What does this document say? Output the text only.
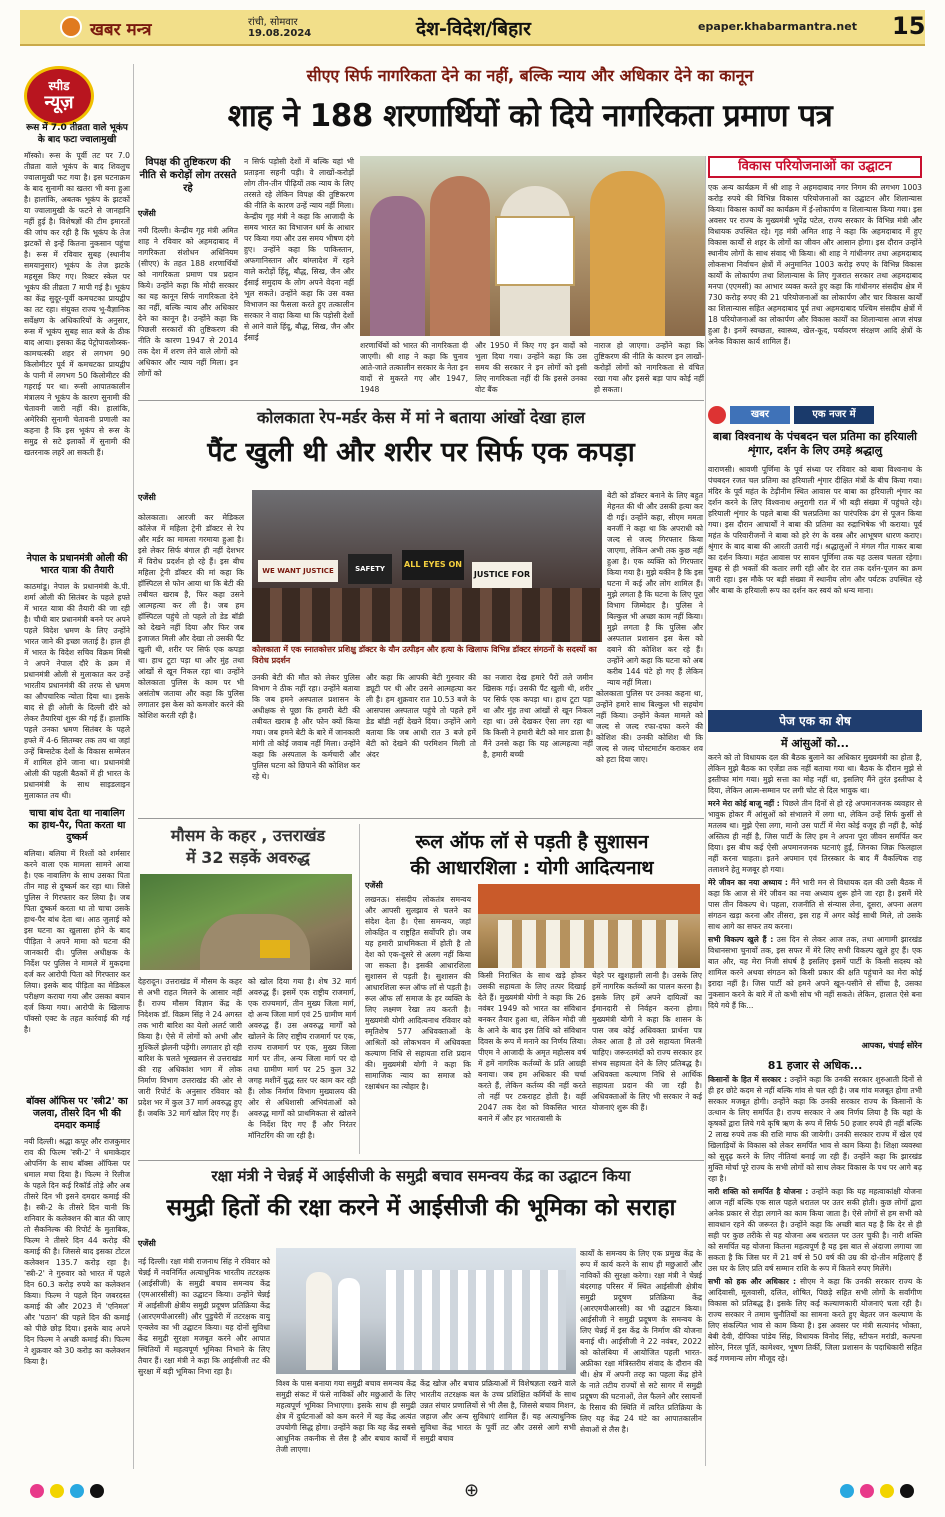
खबर मन्त्र	रांची, सोमवार
19.08.2024	देश-विदेश/बिहार	epaper.khabarmantra.net 15
स्पीड
न्यूज़
रूस में 7.0 तीव्रता वाले भूकंप के बाद फटा ज्वालामुखी
मॉस्को। रूस के पूर्वी तट पर 7.0 तीव्रता वाले भूकंप के बाद शिवलुच ज्वालामुखी फट गया है। इस घटनाक्रम के बाद सुनामी का खतरा भी बना हुआ है। हालांकि, अबतक भूकंप के झटकों या ज्वालामुखी के फटने से जानहानि नहीं हुई है। विशेषज्ञों की टीम इमारतों की जांच कर रही है कि भूकंप के तेज झटकों से इन्हें कितना नुकसान पहुंचा है। रूस में रविवार सुबह (स्थानीय समयानुसार) भूकंप के तेज झटके महसूस किए गए। रिक्टर स्केल पर भूकंप की तीव्रता 7 मापी गई है। भूकंप का केंद्र सुदूर-पूर्वी कमचटका प्रायद्वीप का तट रहा। संयुक्त राज्य भू-वैज्ञानिक सर्वेक्षण के अधिकारियों के अनुसार, रूस में भूकंप सुबह सात बजे के ठीक बाद आया। इसका केंद्र पेट्रोपावलोव्स्क-कामचत्स्की शहर से लगभग 90 किलोमीटर पूर्व में कमचटका प्रायद्वीप के पानी में लगभग 50 किलोमीटर की गहराई पर था। रूसी आपातकालीन मंत्रालय ने भूकंप के कारण सुनामी की चेतावनी जारी नहीं की। हालांकि, अमेरिकी सुनामी चेतावनी प्रणाली का कहना है कि इस भूकंप से रूस के समुद्र से सटे इलाकों में सुनामी की खतरनाक लहरें आ सकती हैं।
नेपाल के प्रधानमंत्री ओली की भारत यात्रा की तैयारी
काठमांडू। नेपाल के प्रधानमंत्री के.पी. शर्मा ओली की सितंबर के पहले हफ्ते में भारत यात्रा की तैयारी की जा रही है। चौथी बार प्रधानमंत्री बनने पर अपने पहले विदेश भ्रमण के लिए उन्होंने भारत जाने की इच्छा जताई है। हाल ही में भारत के विदेश सचिव विक्रम मिस्री ने अपने नेपाल दौरे के क्रम में प्रधानमंत्री ओली से मुलाकात कर उन्हें भारतीय प्रधानमंत्री की तरफ से भ्रमण का औपचारिक न्योता दिया था। इसके बाद से ही ओली के दिल्ली दौरे को लेकर तैयारियां शुरू की गई हैं। हालांकि पहले उनका भ्रमण सितंबर के पहले हफ्ते में 4-6 सितम्बर तक तय था जहां उन्हें बिम्सटेक देशों के विकास सम्मेलन में शामिल होने जाना था। प्रधानमंत्री ओली की पहली बैठकों में ही भारत के प्रधानमंत्री के साथ साइडलाइन मुलाकात तय थी।
चाचा बांध देता था नाबालिग का हाथ-पैर, पिता करता था दुष्कर्म
बलिया। बलिया में रिश्तों को शर्मसार करने वाला एक मामला सामने आया है। एक नाबालिग के साथ उसका पिता तीन माह से दुष्कर्म कर रहा था। जिसे पुलिस ने गिरफ्तार कर लिया है। जब पिता दुष्कर्म करता था तो चाचा उसके हाथ-पैर बांध देता था। आठ जुलाई को इस घटना का खुलासा होने के बाद पीड़िता ने अपने मामा को घटना की जानकारी दी। पुलिस अधीक्षक के निर्देश पर पुलिस ने मामले में मुकदमा दर्ज कर आरोपी पिता को गिरफ्तार कर लिया। इसके बाद पीड़िता का मेडिकल परीक्षण कराया गया और उसका बयान दर्ज किया गया। आरोपी के खिलाफ पॉक्सो एक्ट के तहत कार्रवाई की गई है।
बॉक्स ऑफिस पर 'स्त्री2' का जलवा, तीसरे दिन भी की दमदार कमाई
नयी दिल्ली। श्रद्धा कपूर और राजकुमार राव की फिल्म 'स्त्री-2' ने धमाकेदार ओपनिंग के साथ बॉक्स ऑफिस पर धमाल मचा दिया है। फिल्म ने रिलीज के पहले दिन कई रिकॉर्ड तोड़े और अब तीसरे दिन भी इसने दमदार कमाई की है। स्त्री-2 के तीसरे दिन यानी कि शनिवार के कलेक्शन की बात की जाए तो सैकनिल्क की रिपोर्ट के मुताबिक, फिल्म ने तीसरे दिन 44 करोड़ की कमाई की है। जिससे बाद इसका टोटल कलेक्शन 135.7 करोड़ रहा है। 'स्त्री-2' ने गुरुवार को भारत में पहले दिन 60.3 करोड़ रुपये का कलेक्शन किया। फिल्म ने पहले दिन जबरदस्त कमाई की और 2023 में 'एनिमल' और 'पठान' की पहले दिन की कमाई को पीछे छोड़ दिया। इसके बाद अपने दिन फिल्म ने अच्छी कमाई की। फिल्म ने शुक्रवार को 30 करोड़ का कलेक्शन किया है।
सीएए सिर्फ नागरिकता देने का नहीं, बल्कि न्याय और अधिकार देने का कानून
शाह ने 188 शरणार्थियों को दिये नागरिकता प्रमाण पत्र
विपक्ष की तुष्टिकरण की नीति से करोड़ों लोग तरसते रहे
एजेंसी
नयी दिल्ली। केन्द्रीय गृह मंत्री अमित शाह ने रविवार को अहमदाबाद में नागरिकता संशोधन अधिनियम (सीएए) के तहत 188 शरणार्थियों को नागरिकता प्रमाण पत्र प्रदान किये। उन्होंने कहा कि मोदी सरकार का यह कानून सिर्फ नागरिकता देने का नहीं, बल्कि न्याय और अधिकार देने का कानून है। उन्होंने कहा कि पिछली सरकारों की तुष्टिकरण की नीति के कारण 1947 से 2014 तक देश में शरण लेने वाले लोगों को अधिकार और न्याय नहीं मिला। इन लोगों को
न सिर्फ पड़ोसी देशों में बल्कि यहां भी प्रताड़ना सहनी पड़ी। वे लाखों-करोड़ों लोग तीन-तीन पीढ़ियों तक न्याय के लिए तरसते रहे लेकिन विपक्ष की तुष्टिकरण की नीति के कारण उन्हें न्याय नहीं मिला। केन्द्रीय गृह मंत्री ने कहा कि आजादी के समय भारत का विभाजन धर्म के आधार पर किया गया और उस समय भीषण दंगे हुए। उन्होंने कहा कि पाकिस्तान, अफगानिस्तान और बांग्लादेश में रहने वाले करोड़ों हिंदू, बौद्ध, सिख, जैन और ईसाई समुदाय के लोग अपने वेदना नहीं भूल सकते। उन्होंने कहा कि उस वक्त विभाजन का फैसला करते हुए तत्कालीन सरकार ने वादा किया था कि पड़ोसी देशों से आने वाले हिंदू, बौद्ध, सिख, जैन और ईसाई
शरणार्थियों को भारत की नागरिकता दी जाएगी। श्री शाह ने कहा कि चुनाव आते-जाते तत्कालीन सरकार के नेता इन वादों से मुकरते गए और 1947, 1948
और 1950 में किए गए इन वादों को भुला दिया गया। उन्होंने कहा कि उस समय की सरकार ने इन लोगों को इसी लिए नागरिकता नहीं दी कि इससे उनका वोट बैंक
नाराज हो जाएगा। उन्होंने कहा कि तुष्टिकरण की नीति के कारण इन लाखों-करोड़ों लोगों को नागरिकता से वंचित रखा गया और इससे बड़ा पाप कोई नहीं हो सकता।
विकास परियोजनाओं का उद्घाटन
एक अन्य कार्यक्रम में श्री शाह ने अहमदाबाद नगर निगम की लगभग 1003 करोड़ रुपये की विभिन्न विकास परियोजनाओं का उद्घाटन और शिलान्यास किया। विकास कार्यों का कार्यक्रम में ई-लोकार्पण व शिलान्यास किया गया। इस अवसर पर राज्य के मुख्यमंत्री भूपेंद्र पटेल, राज्य सरकार के विभिन्न मंत्री और विधायक उपस्थित रहे। गृह मंत्री अमित शाह ने कहा कि अहमदाबाद में हुए विकास कार्यों से शहर के लोगों का जीवन और आसान होगा। इस दौरान उन्होंने स्थानीय लोगों के साथ संवाद भी किया। श्री शाह ने गांधीनगर तथा अहमदाबाद लोकसभा निर्वाचन क्षेत्रों में अनुमानित 1003 करोड़ रुपए के विभिन्न विकास कार्यों के लोकार्पण तथा शिलान्यास के लिए गुजरात सरकार तथा अहमदाबाद मनपा (एएमसी) का आभार व्यक्त करते हुए कहा कि गांधीनगर संसदीय क्षेत्र में 730 करोड़ रुपए की 21 परियोजनाओं का लोकार्पण और चार विकास कार्यों का शिलान्यास सहित अहमदाबाद पूर्व तथा अहमदाबाद पश्चिम संसदीय क्षेत्रों में 18 परियोजनाओं का लोकार्पण और विकास कार्यों का शिलान्यास आज संपन्न हुआ है। इनमें स्वच्छता, स्वास्थ्य, खेल-कूद, पर्यावरण संरक्षण आदि क्षेत्रों के अनेक विकास कार्य शामिल हैं।
खबर	एक नजर में
बाबा विश्वनाथ के पंचबदन चल प्रतिमा का हरियाली शृंगार, दर्शन के लिए उमड़े श्रद्धालु
वाराणसी। श्रावणी पूर्णिमा के पूर्व संध्या पर रविवार को बाबा विश्वनाथ के पंचबदन रजत चल प्रतिमा का हरियाली शृंगार दीक्षित मंत्रों के बीच किया गया। मंदिर के पूर्व महंत के टेढ़ीनीम स्थित आवास पर बाबा का हरियाली शृंगार का दर्शन करने के लिए विश्वनाथ अनुरागी रात में भी बड़ी संख्या में पहुंचते रहे। हरियाली शृंगार के पहले बाबा की चलप्रतिमा का पारंपरिक ढंग से पूजन किया गया। इस दौरान आचार्यों ने बाबा की प्रतिमा का रुद्राभिषेक भी कराया। पूर्व महंत के परिवारीजनों ने बाबा को हरे रंग के वस्त्र और आभूषण धारण कराए। श्रृंगार के बाद बाबा की आरती उतारी गई। श्रद्धालुओं ने मंगल गीत गाकर बाबा का दर्शन किया। महंत आवास पर सावन पूर्णिमा तक यह उत्सव चलता रहेगा। सुबह से ही भक्तों की कतार लगी रही और देर रात तक दर्शन-पूजन का क्रम जारी रहा। इस मौके पर बड़ी संख्या में स्थानीय लोग और पर्यटक उपस्थित रहे और बाबा के हरियाली रूप का दर्शन कर स्वयं को धन्य माना।
कोलकाता रेप-मर्डर केस में मां ने बताया आंखों देखा हाल
पैंट खुली थी और शरीर पर सिर्फ एक कपड़ा
एजेंसी
कोलकाता। आरजी कर मेडिकल कॉलेज में महिला ट्रेनी डॉक्टर से रेप और मर्डर का मामला गरमाया हुआ है। इसे लेकर सिर्फ बंगाल ही नहीं देशभर में विरोध प्रदर्शन हो रहे हैं। इस बीच महिला ट्रेनी डॉक्टर की मां कहा कि हॉस्पिटल से फोन आया था कि बेटी की तबीयत खराब है, फिर कहा उसने आत्महत्या कर ली है। जब हम हॉस्पिटल पहुंचे तो पहले तो डेड बॉडी को देखने नहीं दिया और फिर जब इजाजत मिली और देखा तो उसकी पैंट खुली थी, शरीर पर सिर्फ एक कपड़ा था। हाथ टूटा पड़ा था और मुंह तथा आंखों से खून निकल रहा था। उन्होंने कोलकाता पुलिस के काम पर भी असंतोष जताया और कहा कि पुलिस लगातार इस केस को कमजोर करने की कोशिश करती रही है।
ALL EYES ON
JUSTICE FOR
WE WANT JUSTICE	SAFETY
कोलकाता में एक स्नातकोत्तर प्रशिक्षु डॉक्टर के यौन उत्पीड़न और हत्या के खिलाफ विभिन्न डॉक्टर संगठनों के सदस्यों का विरोध प्रदर्शन
उनकी बेटी की मौत को लेकर पुलिस विभाग ने ठीक नहीं रहा। उन्होंने बताया कि जब हमने अस्पताल प्रशासन के अधीक्षक से पूछा कि हमारी बेटी की तबीयत खराब है और फोन क्यों किया गया। जब हमने बेटी के बारे में जानकारी मांगी तो कोई जवाब नहीं मिला। उन्होंने कहा कि अस्पताल के कर्मचारी और पुलिस घटना को छिपाने की कोशिश कर रहे थे।
और कहा कि आपकी बेटी गुरुवार की ड्यूटी पर थी और उसने आत्महत्या कर ली है। हम शुक्रवार रात 10.53 बजे के आसपास अस्पताल पहुंचे तो पहले हमें डेड बॉडी नहीं देखने दिया। उन्होंने आगे बताया कि जब आधी रात 3 बजे हमें बेटी को देखने की परमिशन मिली तो अंदर
का नजारा देख हमारे पैरों तले जमीन खिसक गई। उसकी पैंट खुली थी, शरीर पर सिर्फ एक कपड़ा था। हाथ टूटा पड़ा था और मुंह तथा आंखों से खून निकल रहा था। उसे देखकर ऐसा लग रहा था कि किसी ने हमारी बेटी को मार डाला है। मैंने उनसे कहा कि यह आत्महत्या नहीं है, हमारी बच्ची
बेटी को डॉक्टर बनाने के लिए बहुत मेहनत की थी और उसकी हत्या कर दी गई। उन्होंने कहा, सीएम ममता बनर्जी ने कहा था कि अपराधी को जल्द से जल्द गिरफ्तार किया जाएगा, लेकिन अभी तक कुछ नहीं हुआ है। एक व्यक्ति को गिरफ्तार किया गया है। मुझे यकीन है कि इस घटना में कई और लोग शामिल हैं। मुझे लगता है कि घटना के लिए पूरा विभाग जिम्मेदार है। पुलिस ने बिल्कुल भी अच्छा काम नहीं किया। मुझे लगता है कि पुलिस और अस्पताल प्रशासन इस केस को दबाने की कोशिश कर रहे हैं। उन्होंने आगे कहा कि घटना को अब करीब 144 घंटे हो गए हैं लेकिन न्याय नहीं मिला।
कोलकाता पुलिस पर उनका कहना था, उन्होंने हमारे साथ बिल्कुल भी सहयोग नहीं किया। उन्होंने केवल मामले को जल्द से जल्द रफा-दफा करने की कोशिश की। उनकी कोशिश थी कि जल्द से जल्द पोस्टमार्टम कराकर शव को हटा दिया जाए।
पेज एक का शेष
में आंसुओं को...

करने को तो विधायक दल की बैठक बुलाने का अधिकार मुख्यमंत्री का होता है, लेकिन मुझे बैठक का एजेंडा तक नहीं बताया गया था। बैठक के दौरान मुझे से इस्तीफा मांग गया। मुझे सत्ता का मोह नहीं था, इसलिए मैंने तुरंत इस्तीफा दे दिया, लेकिन आत्म-सम्मान पर लगी चोट से दिल भावुक था।

मरने मेरा कोई बाजू नहीं : पिछले तीन दिनों से हो रहे अपमानजनक व्यवहार से भावुक होकर मैं आंसुओं को संभालने में लगा था, लेकिन उन्हें सिर्फ कुर्सी से मतलब था। मुझे ऐसा लगा, मानो उस पार्टी में मेरा कोई वजूद ही नहीं है, कोई अस्तित्व ही नहीं है, जिस पार्टी के लिए हम ने अपना पूरा जीवन समर्पित कर दिया। इस बीच कई ऐसी अपमानजनक घटनाएं हुईं, जिनका जिक्र फिलहाल नहीं करना चाहता। इतने अपमान एवं तिरस्कार के बाद मैं वैकल्पिक राह तलाशने हेतु मजबूर हो गया।

मेरे जीवन का नया अध्याय : मैंने भारी मन से विधायक दल की उसी बैठक में कहा कि आज से मेरे जीवन का नया अध्याय शुरू होने जा रहा है। इसमें मेरे पास तीन विकल्प थे। पहला, राजनीति से संन्यास लेना, दूसरा, अपना अलग संगठन खड़ा करना और तीसरा, इस राह में अगर कोई साथी मिले, तो उसके साथ आगे का सफर तय करना।

सभी विकल्प खुले हैं : उस दिन से लेकर आज तक, तथा आगामी झारखंड विधानसभा चुनावों तक, इस सफर में मेरे लिए सभी विकल्प खुले हुए हैं। एक बात और, यह मेरा निजी संघर्ष है इसलिए इसमें पार्टी के किसी सदस्य को शामिल करने अथवा संगठन को किसी प्रकार की क्षति पहुंचाने का मेरा कोई इरादा नहीं है। जिस पार्टी को हमने अपने खून-पसीने से सींचा है, उसका नुकसान करने के बारे में तो कभी सोच भी नहीं सकते। लेकिन, हालात ऐसे बना दिये गये हैं कि...

आपका, चंपाई सोरेन
81 हजार से अधिक...

किसानों के हित में सरकार : उन्होंने कहा कि उनकी सरकार शुरुआती दिनों से ही हर छोटे कदम से नहीं बल्कि गांव से चल रही है। जब गांव मजबूत होगा तभी सरकार मजबूत होगी। उन्होंने कहा कि उनकी सरकार राज्य के किसानों के उत्थान के लिए समर्पित है। राज्य सरकार ने अब निर्णय लिया है कि यहां के कृषकों द्वारा लिये गये कृषि ऋण के रूप में सिर्फ 50 हजार रुपये ही नहीं बल्कि 2 लाख रुपये तक की राशि माफ की जायेगी। उनकी सरकार राज्य में खेल एवं खिलाड़ियों के विकास को लेकर समर्पित भाव से काम किया है। शिक्षा व्यवस्था को सुदृढ़ करने के लिए नीतियां बनाई जा रही हैं। उन्होंने कहा कि झारखंड मुक्ति मोर्चा पूरे राज्य के सभी लोगों को साथ लेकर विकास के पथ पर आगे बढ़ रहा है।

नारी शक्ति को समर्पित है योजना : उन्होंने कहा कि यह महत्वाकांक्षी योजना आज नहीं बल्कि एक साल पहले धरातल पर उतर सकी होती। कुछ लोगों द्वारा अनेक प्रकार से रोड़ा लगाने का काम किया जाता है। ऐसे लोगों से हम सभी को सावधान रहने की जरूरत है। उन्होंने कहा कि अच्छी बात यह है कि देर से ही सही पर कुछ तरीके से यह योजना अब धरातल पर उतर चुकी है। नारी शक्ति को समर्पित यह योजना कितना महत्वपूर्ण है यह इस बात से अंदाजा लगाया जा सकता है कि जिस घर में 21 वर्ष से 50 वर्ष की उम्र की दो-तीन महिलाएं हैं उस घर के लिए प्रति वर्ष सम्मान राशि के रूप में कितने रुपए मिलेंगे।

सभी को हक और अधिकार : सीएम ने कहा कि उनकी सरकार राज्य के आदिवासी, मूलवासी, दलित, शोषित, पिछड़े सहित सभी लोगों के सर्वांगीण विकास को प्रतिबद्ध है। इसके लिए कई कल्याणकारी योजनाएं चला रही है। राज्य सरकार ने तमाम चुनौतियों का सामना करते हुए बेहतर जन कल्याण के लिए संकल्पित भाव से काम किया है। इस अवसर पर मंत्री सत्यानंद भोक्ता, बेबी देवी, दीपिका पांडेय सिंह, विधायक विनोद सिंह, स्टीफन मरांडी, कल्पना सोरेन, निरल पूर्ति, कामेश्वर, भूषण तिर्की, जिला प्रशासन के पदाधिकारी सहित कई गणमान्य लोग मौजूद रहे।

मौसम के कहर , उत्तराखंड
में 32 सड़कें अवरुद्ध
देहरादून। उत्तराखंड में मौसम के कहर से अभी राहत मिलने के आसार नहीं हैं। राज्य मौसम विज्ञान केंद्र के निदेशक डॉ. विक्रम सिंह ने 24 अगस्त तक भारी बारिश का येलो अलर्ट जारी किया है। ऐसे में लोगों को अभी और मुश्किलें झेलनी पड़ेंगी। लगातार हो रही बारिश के चलते भूस्खलन से उत्तराखंड की राह अधिकांश भाग में लोक निर्माण विभाग उत्तराखंड की ओर से जारी रिपोर्ट के अनुसार रविवार को प्रदेश भर में कुल 37 मार्ग अवरुद्ध हुए हैं। जबकि 32 मार्ग खोल दिए गए हैं।
को खोल दिया गया है। शेष 32 मार्ग अवरुद्ध हैं। इसमें एक राष्ट्रीय राजमार्ग, एक राज्यमार्ग, तीन मुख्य जिला मार्ग, दो अन्य जिला मार्ग एवं 25 ग्रामीण मार्ग अवरुद्ध हैं। उस अवरुद्ध मार्गों को खोलने के लिए राष्ट्रीय राजमार्ग पर एक, राज्य राजमार्ग पर एक, मुख्य जिला मार्ग पर तीन, अन्य जिला मार्ग पर दो तथा ग्रामीण मार्ग पर 25 कुल 32 जगह मशीनें युद्ध स्तर पर काम कर रही हैं। लोक निर्माण विभाग मुख्यालय की ओर से अधिशासी अभियंताओं को अवरुद्ध मार्गों को प्राथमिकता से खोलने के निर्देश दिए गए हैं और निरंतर मॉनिटरिंग की जा रही है।
रूल ऑफ लॉ से पड़ती है सुशासन
की आधारशिला : योगी आदित्यनाथ
एजेंसी
लखनऊ। संसदीय लोकतंत्र समन्वय और आपसी सुलझाव से चलने का संदेश देता है। ऐसा समन्वय, जहां लोकहित व राष्ट्रहित सर्वोपरि हो। जब यह हमारी प्राथमिकता में होती है तो देश को एक-दूसरे से अलग नहीं किया जा सकता है। इसकी आधारशिला सुशासन से पड़ती है। सुशासन की आधारशिला रूल ऑफ लॉ से पड़ती है। रूल ऑफ लॉ समाज के हर व्यक्ति के लिए लक्ष्मण रेखा तय करती है। मुख्यमंत्री योगी आदित्यनाथ रविवार को स्मृतिशेष 577 अधिवक्ताओं के आश्रितों को लोकभवन में अधिवक्ता कल्याण निधि से सहायता राशि प्रदान की। मुख्यमंत्री योगी ने कहा कि सामाजिक न्याय का समाज को रक्षाबंधन का त्योहार है।
किसी निराश्रित के साथ खड़े होकर उसकी सहायता के लिए तत्पर दिखाई देते हैं। मुख्यमंत्री योगी ने कहा कि 26 नवंबर 1949 को भारत का संविधान बनकर तैयार हुआ था, लेकिन मोदी जी के आने के बाद इस तिथि को संविधान दिवस के रूप में मनाने का निर्णय लिया। पीएम ने आजादी के अमृत महोत्सव वर्ष में हमें नागरिक कर्तव्यों के प्रति आग्रही बनाया। जब हम अधिकार की चर्चा करते हैं, लेकिन कर्तव्य की नहीं करते तो नहीं पर टकराहट होती है। वहीं 2047 तक देश को विकसित भारत बनाने में और हर भारतवासी के
चेहरे पर खुशहाली लानी है। उसके लिए हमें नागरिक कर्तव्यों का पालन करना है। इसके लिए हमें अपने दायित्वों का ईमानदारी से निर्वहन करना होगा। मुख्यमंत्री योगी ने कहा कि शासन के पास जब कोई अधिवक्ता प्रार्थना पत्र लेकर आता है तो उसे सहायता मिलनी चाहिए। जरूरतमंदों को राज्य सरकार हर संभव सहायता देने के लिए प्रतिबद्ध है। अधिवक्ता कल्याण निधि से आर्थिक सहायता प्रदान की जा रही है। अधिवक्ताओं के लिए भी सरकार ने कई योजनाएं शुरू की हैं।
रक्षा मंत्री ने चेन्नई में आईसीजी के समुद्री बचाव समन्वय केंद्र का उद्घाटन किया
समुद्री हितों की रक्षा करने में आईसीजी की भूमिका को सराहा
एजेंसी
नई दिल्ली। रक्षा मंत्री राजनाथ सिंह ने रविवार को चेन्नई में नवनिर्मित अत्याधुनिक भारतीय तटरक्षक (आईसीजी) के समुद्री बचाव समन्वय केंद्र (एमआरसीसी) का उद्घाटन किया। उन्होंने चेन्नई में आईसीजी क्षेत्रीय समुद्री प्रदूषण प्रतिक्रिया केंद्र (आरएमपीआरसी) और पुडुचेरी में तटरक्षक वायु एन्क्लेव का भी उद्घाटन किया। यह दोनों सुविधा केंद्र समुद्री सुरक्षा मजबूत करने और आपात स्थितियों में महत्वपूर्ण भूमिका निभाने के लिए तैयार हैं। रक्षा मंत्री ने कहा कि आईसीजी तट की सुरक्षा में बड़ी भूमिका निभा रहा है।
विश्व के पास बनाया गया समुद्री बचाव समन्वय केंद्र समुद्री संकट में फंसे नाविकों और मछुआरों के लिए महत्वपूर्ण भूमिका निभाएगा। इसके साथ ही समुद्री क्षेत्र में दुर्घटनाओं को कम करने में यह केंद्र अत्यंत उपयोगी सिद्ध होगा। उन्होंने कहा कि यह केंद्र सबसे आधुनिक तकनीक से लैस है और बचाव कार्यों में तेजी लाएगा।
केंद्र खोज और बचाव प्रक्रियाओं में विशेषज्ञता रखने वाले भारतीय तटरक्षक बल के उच्च प्रशिक्षित कर्मियों के साथ उन्नत संचार प्रणालियों से भी लैस है, जिससे बचाव मिशन, जहाज और अन्य सुविधाएं शामिल हैं। यह अत्याधुनिक सुविधा केंद्र भारत के पूर्वी तट और उससे आगे सभी समुद्री बचाव
कार्यों के समन्वय के लिए एक प्रमुख केंद्र के रूप में कार्य करने के साथ ही मछुआरों और नाविकों की सुरक्षा करेगा। रक्षा मंत्री ने चेन्नई बंदरगाह परिसर में स्थित आईसीजी क्षेत्रीय समुद्री प्रदूषण प्रतिक्रिया केंद्र (आरएमपीआरसी) का भी उद्घाटन किया। आईसीजी ने समुद्री प्रदूषण के समन्वय के लिए चेन्नई में इस केंद्र के निर्माण की योजना बनाई थी। आईसीजी ने 22 नवंबर, 2022 को कोलंबिया में आयोजित पहली भारत-अफ्रीका रक्षा मंत्रिस्तरीय संवाद के दौरान की थी। क्षेत्र में अपनी तरह का पहला केंद्र होने के नाते तटीय राज्यों से सटे सागर में समुद्री प्रदूषण की घटनाओं, तेल फैलने और रसायनों के रिसाव की स्थिति में त्वरित प्रतिक्रिया के लिए यह केंद्र 24 घंटे का आपातकालीन सेवाओं से लैस है।
⊕
